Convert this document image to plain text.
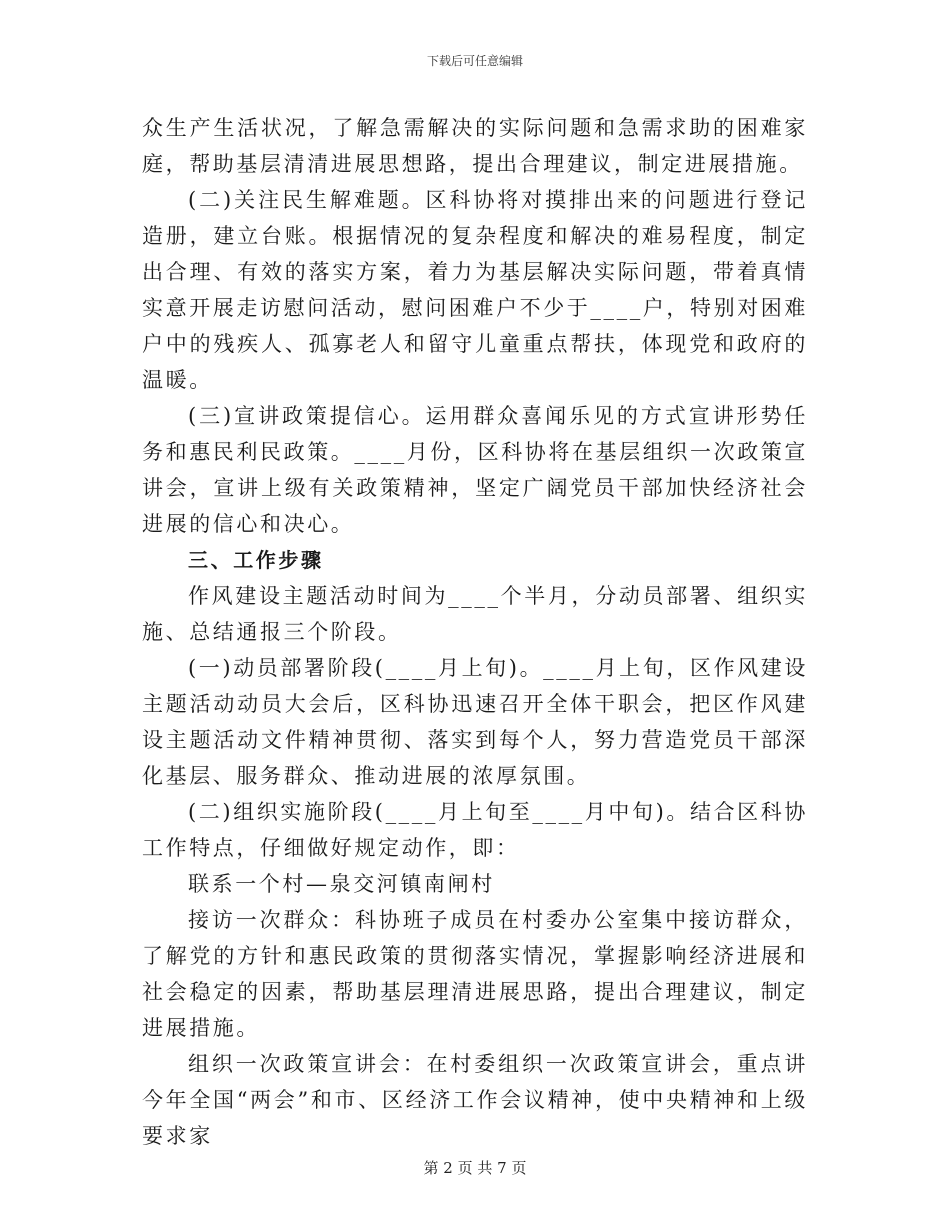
下载后可任意编辑

众生产生活状况，了解急需解决的实际问题和急需求助的困难家庭，帮助基层清清进展思想路，提出合理建议，制定进展措施。

(二)关注民生解难题。区科协将对摸排出来的问题进行登记造册，建立台账。根据情况的复杂程度和解决的难易程度，制定出合理、有效的落实方案，着力为基层解决实际问题，带着真情实意开展走访慰问活动，慰问困难户不少于____户，特别对困难户中的残疾人、孤寡老人和留守儿童重点帮扶，体现党和政府的温暖。

(三)宣讲政策提信心。运用群众喜闻乐见的方式宣讲形势任务和惠民利民政策。____月份，区科协将在基层组织一次政策宣讲会，宣讲上级有关政策精神，坚定广阔党员干部加快经济社会进展的信心和决心。

三、工作步骤

作风建设主题活动时间为____个半月，分动员部署、组织实施、总结通报三个阶段。

(一)动员部署阶段(____月上旬)。____月上旬，区作风建设主题活动动员大会后，区科协迅速召开全体干职会，把区作风建设主题活动文件精神贯彻、落实到每个人，努力营造党员干部深化基层、服务群众、推动进展的浓厚氛围。

(二)组织实施阶段(____月上旬至____月中旬)。结合区科协工作特点，仔细做好规定动作，即：

联系一个村—泉交河镇南闸村

接访一次群众：科协班子成员在村委办公室集中接访群众，了解党的方针和惠民政策的贯彻落实情况，掌握影响经济进展和社会稳定的因素，帮助基层理清进展思路，提出合理建议，制定进展措施。

组织一次政策宣讲会：在村委组织一次政策宣讲会，重点讲今年全国“两会”和市、区经济工作会议精神，使中央精神和上级要求家

第 2 页 共 7 页
